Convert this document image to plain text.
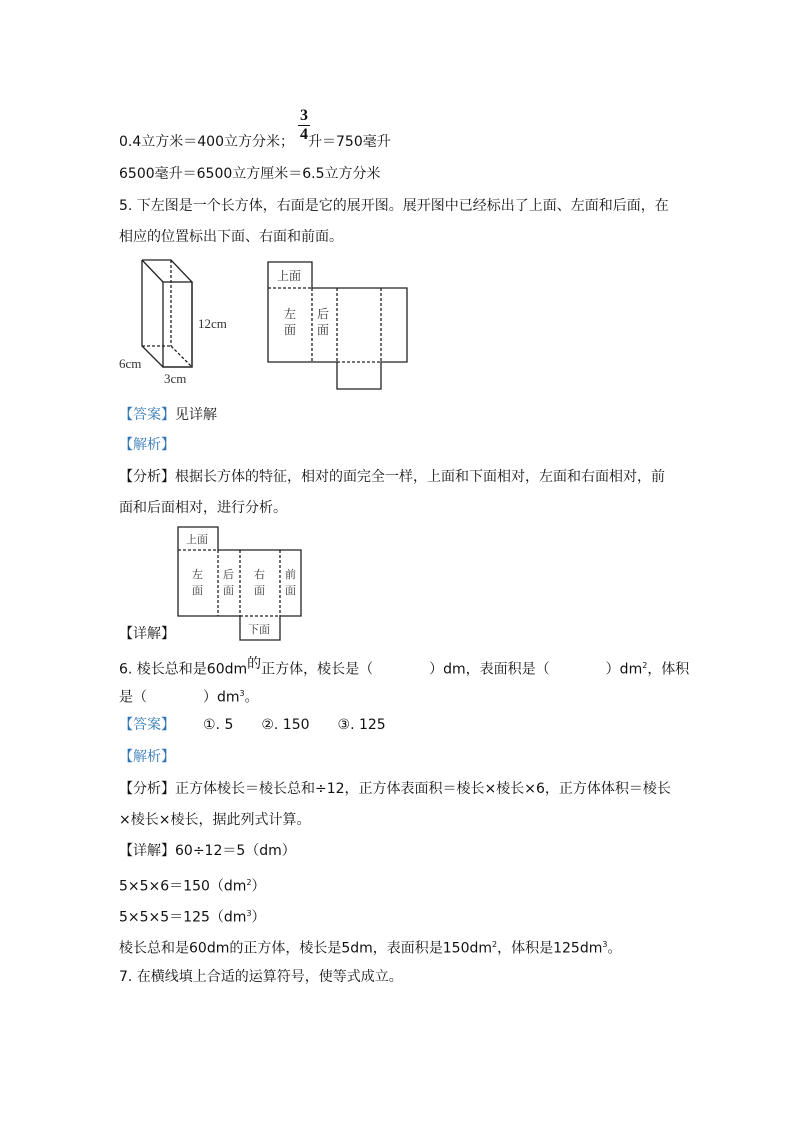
3
4
0.4立方米＝400立方分米； 升＝750毫升
6500毫升＝6500立方厘米＝6.5立方分米
5. 下左图是一个长方体，右面是它的展开图。展开图中已经标出了上面、左面和后面，在
相应的位置标出下面、右面和前面。
12cm
6cm
3cm
上面
左
面
后
面
上面
左
面
后
面
右
面
前
面
下面
【答案】见详解
【解析】
【分析】根据长方体的特征，相对的面完全一样，上面和下面相对，左面和右面相对，前
面和后面相对，进行分析。
【详解】
6. 棱长总和是60dm的正方体，棱长是（　　　　）dm，表面积是（　　　　）$dm^2$，体积
是（　　　　）$dm^3$。
【答案】 ①. 5　　②. 150　　③. 125
【解析】
【分析】正方体棱长＝棱长总和÷12，正方体表面积＝棱长×棱长×6，正方体体积＝棱长
×棱长×棱长，据此列式计算。
【详解】60÷12＝5（dm）
$5\times 5\times 6=150(dm^2)$
$5\times 5\times 5=125(dm^3)$
棱长总和是60dm的正方体，棱长是5dm，表面积是$150dm^2$，体积是$125dm^3$。
7. 在横线填上合适的运算符号，使等式成立。
